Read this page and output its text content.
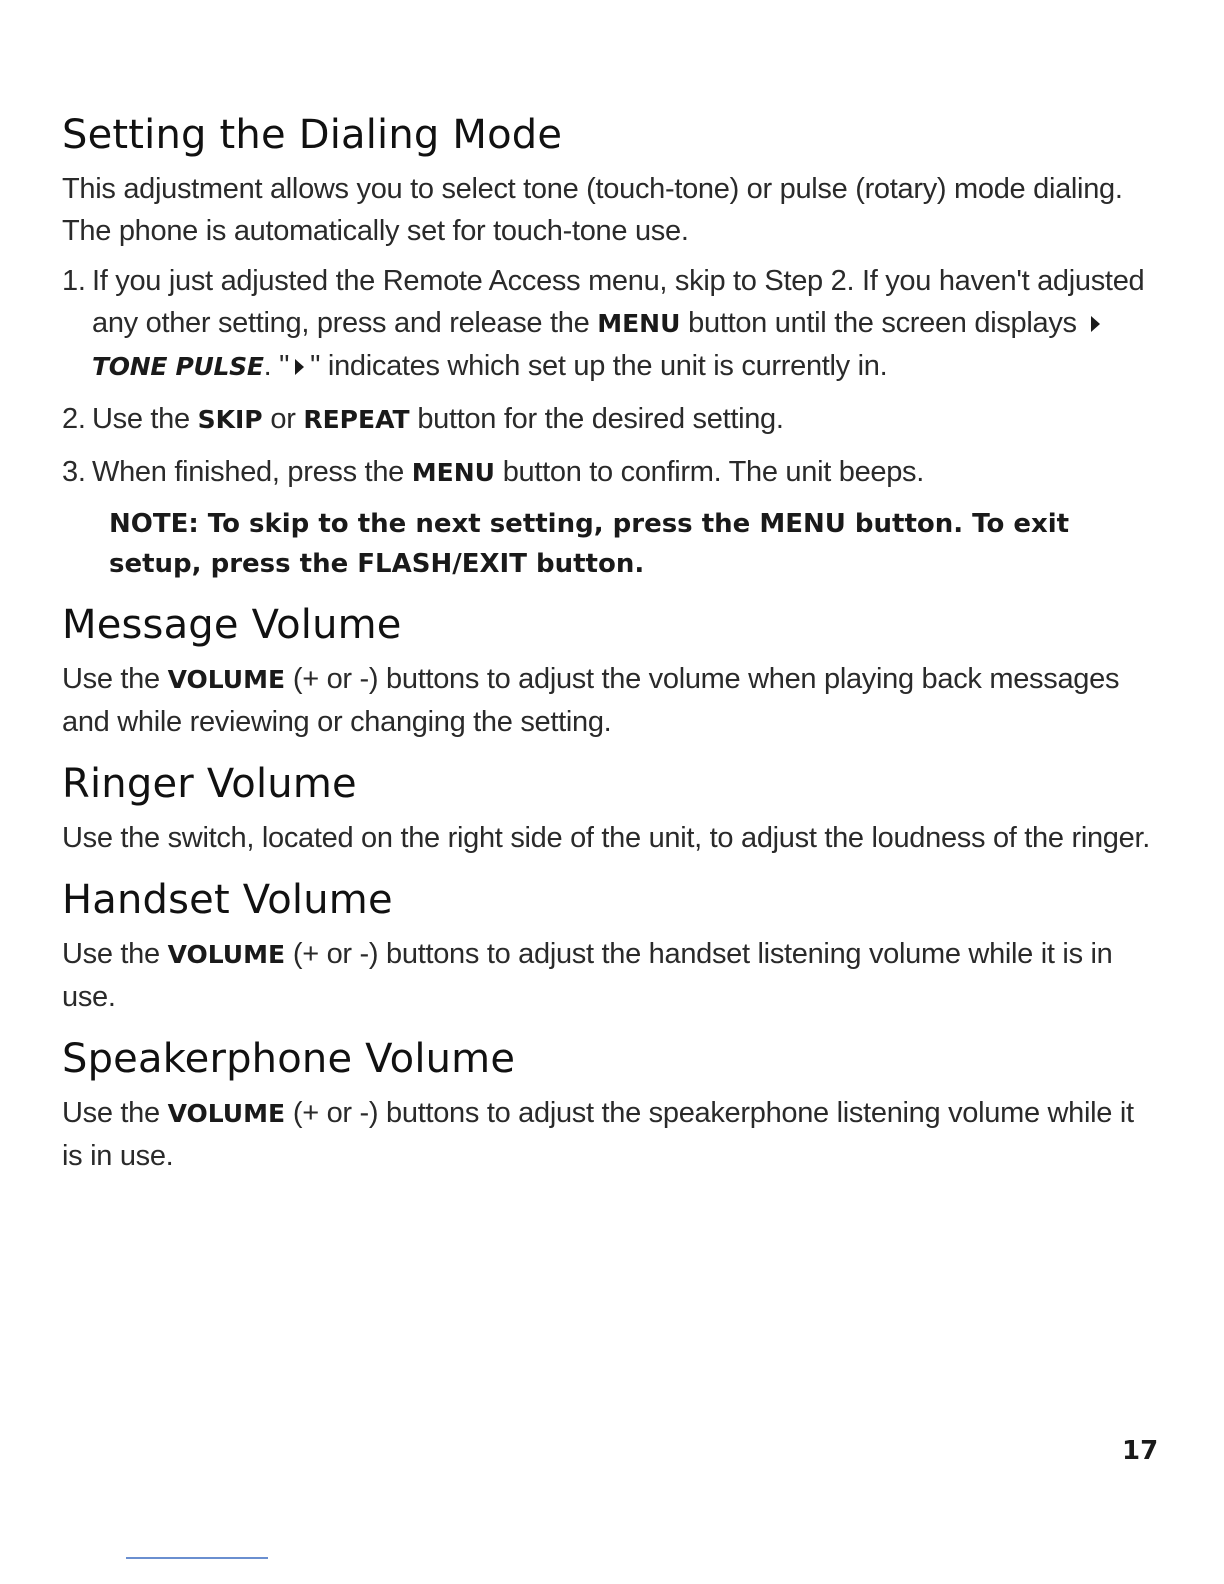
Setting the Dialing Mode

This adjustment allows you to select tone (touch-tone) or pulse (rotary) mode dialing. The phone is automatically set for touch-tone use.

1. If you just adjusted the Remote Access menu, skip to Step 2. If you haven't adjusted any other setting, press and release the MENU button until the screen displays  TONE PULSE. " " indicates which set up the unit is currently in.
2. Use the SKIP or REPEAT button for the desired setting.
3. When finished, press the MENU button to confirm. The unit beeps.
NOTE: To skip to the next setting, press the MENU button. To exit setup, press the FLASH/EXIT button.
Message Volume

Use the VOLUME (+ or -) buttons to adjust the volume when playing back messages and while reviewing or changing the setting.

Ringer Volume

Use the switch, located on the right side of the unit, to adjust the loudness of the ringer.

Handset Volume

Use the VOLUME (+ or -) buttons to adjust the handset listening volume while it is in use.

Speakerphone Volume

Use the VOLUME (+ or -) buttons to adjust the speakerphone listening volume while it is in use.

17
